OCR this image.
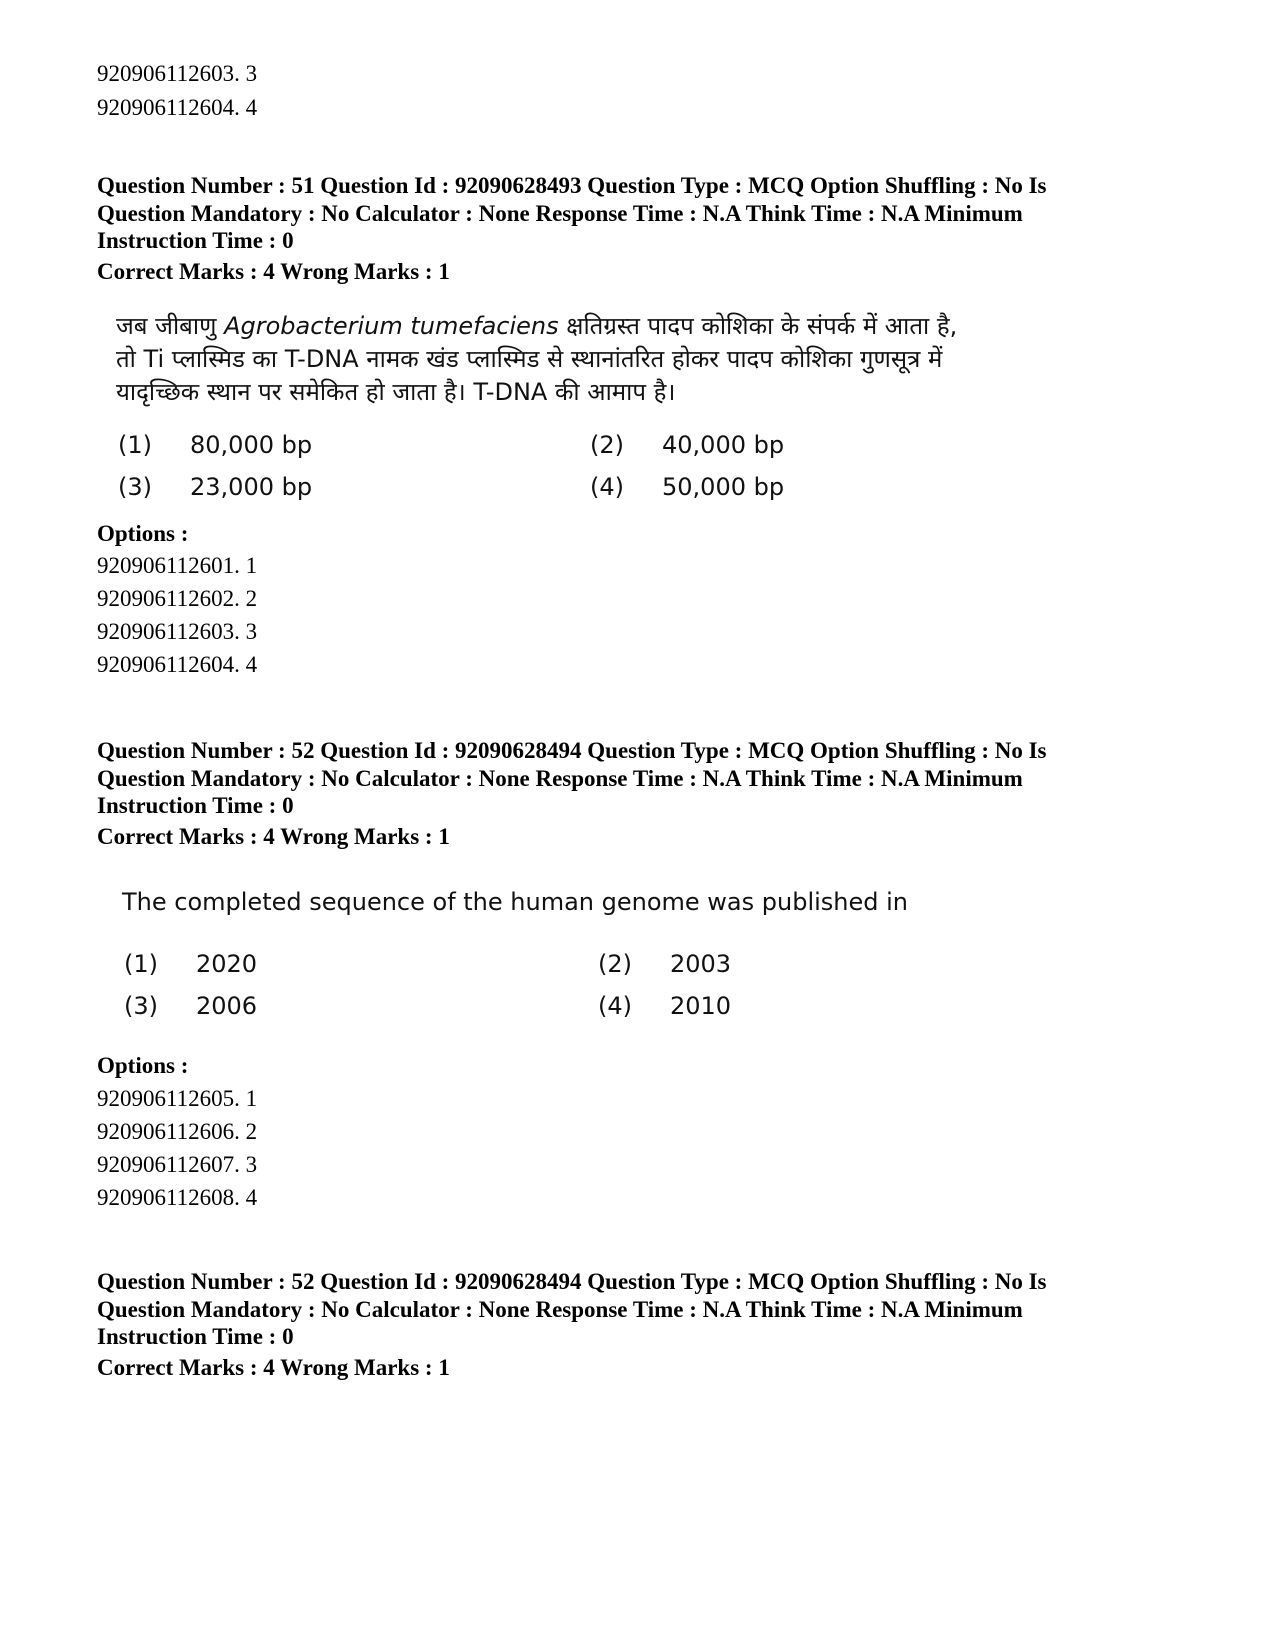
920906112603. 3
920906112604. 4
Question Number : 51 Question Id : 92090628493 Question Type : MCQ Option Shuffling : No Is
Question Mandatory : No Calculator : None Response Time : N.A Think Time : N.A Minimum
Instruction Time : 0
Correct Marks : 4 Wrong Marks : 1
जब जीबाणु Agrobacterium tumefaciens क्षतिग्रस्त पादप कोशिका के संपर्क में आता है,
तो Ti प्लास्मिड का T-DNA नामक खंड प्लास्मिड से स्थानांतरित होकर पादप कोशिका गुणसूत्र में
यादृच्छिक स्थान पर समेकित हो जाता है। T-DNA की आमाप है।
(1) 80,000 bp	(2) 40,000 bp
(3) 23,000 bp	(4) 50,000 bp
Options :
920906112601. 1
920906112602. 2
920906112603. 3
920906112604. 4
Question Number : 52 Question Id : 92090628494 Question Type : MCQ Option Shuffling : No Is
Question Mandatory : No Calculator : None Response Time : N.A Think Time : N.A Minimum
Instruction Time : 0
Correct Marks : 4 Wrong Marks : 1
The completed sequence of the human genome was published in
(1) 2020	(2) 2003
(3) 2006	(4) 2010
Options :
920906112605. 1
920906112606. 2
920906112607. 3
920906112608. 4
Question Number : 52 Question Id : 92090628494 Question Type : MCQ Option Shuffling : No Is
Question Mandatory : No Calculator : None Response Time : N.A Think Time : N.A Minimum
Instruction Time : 0
Correct Marks : 4 Wrong Marks : 1
